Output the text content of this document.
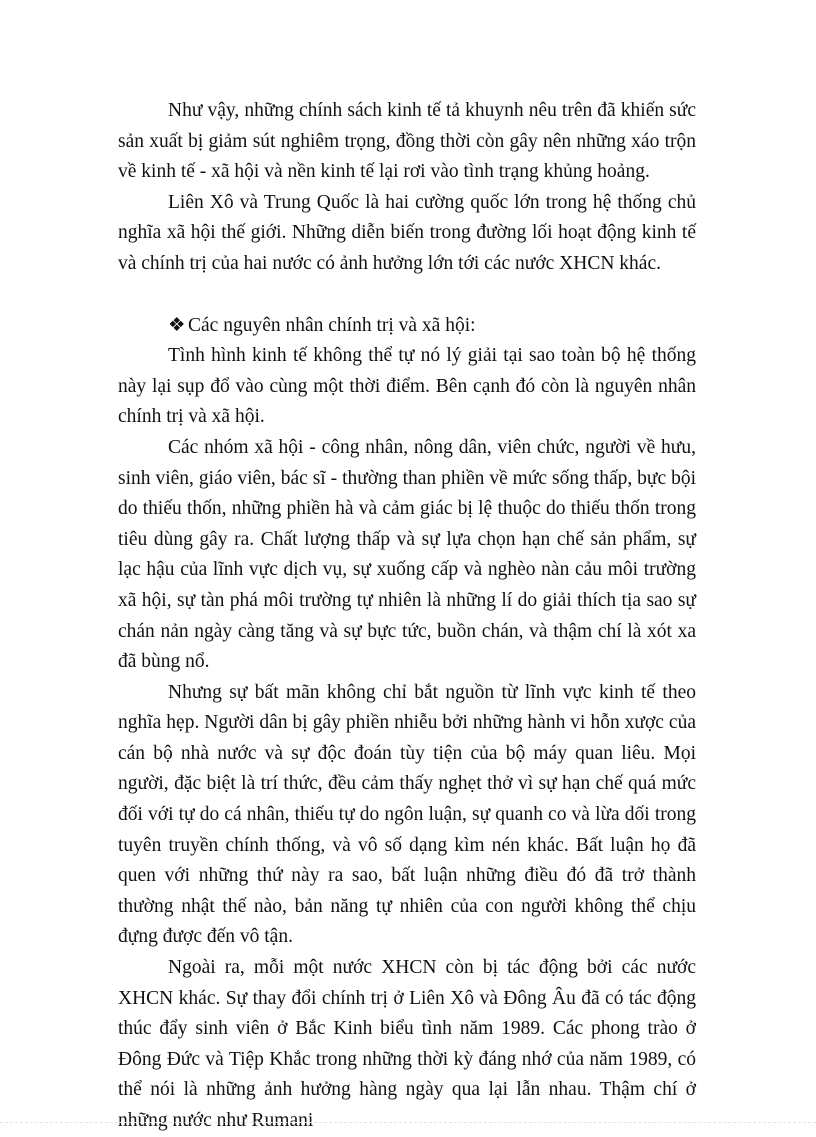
Như vậy, những chính sách kinh tế tả khuynh nêu trên đã khiến sức sản xuất bị giảm sút nghiêm trọng, đồng thời còn gây nên những xáo trộn về kinh tế - xã hội và nền kinh tế lại rơi vào tình trạng khủng hoảng.

Liên Xô và Trung Quốc là hai cường quốc lớn trong hệ thống chủ nghĩa xã hội thế giới. Những diễn biến trong đường lối hoạt động kinh tế và chính trị của hai nước có ảnh hưởng lớn tới các nước XHCN khác.

❖ Các nguyên nhân chính trị và xã hội:

Tình hình kinh tế không thể tự nó lý giải tại sao toàn bộ hệ thống này lại sụp đổ vào cùng một thời điểm. Bên cạnh đó còn là nguyên nhân chính trị và xã hội.

Các nhóm xã hội - công nhân, nông dân, viên chức, người về hưu, sinh viên, giáo viên, bác sĩ - thường than phiền về mức sống thấp, bực bội do thiếu thốn, những phiền hà và cảm giác bị lệ thuộc do thiếu thốn trong tiêu dùng gây ra. Chất lượng thấp và sự lựa chọn hạn chế sản phẩm, sự lạc hậu của lĩnh vực dịch vụ, sự xuống cấp và nghèo nàn cảu môi trường xã hội, sự tàn phá môi trường tự nhiên là những lí do giải thích tịa sao sự chán nản ngày càng tăng và sự bực tức, buồn chán, và thậm chí là xót xa đã bùng nổ.

Nhưng sự bất mãn không chỉ bắt nguồn từ lĩnh vực kinh tế theo nghĩa hẹp. Người dân bị gây phiền nhiễu bởi những hành vi hỗn xược của cán bộ nhà nước và sự độc đoán tùy tiện của bộ máy quan liêu. Mọi người, đặc biệt là trí thức, đều cảm thấy nghẹt thở vì sự hạn chế quá mức đối với tự do cá nhân, thiếu tự do ngôn luận, sự quanh co và lừa dối trong tuyên truyền chính thống, và vô số dạng kìm nén khác. Bất luận họ đã quen với những thứ này ra sao, bất luận những điều đó đã trở thành thường nhật thế nào, bản năng tự nhiên của con người không thể chịu đựng được đến vô tận.

Ngoài ra, mỗi một nước XHCN còn bị tác động bởi các nước XHCN khác. Sự thay đổi chính trị ở Liên Xô và Đông Âu đã có tác động thúc đẩy sinh viên ở Bắc Kinh biểu tình năm 1989. Các phong trào ở Đông Đức và Tiệp Khắc trong những thời kỳ đáng nhớ của năm 1989, có thể nói là những ảnh hưởng hàng ngày qua lại lẫn nhau. Thậm chí ở những nước như Rumani
